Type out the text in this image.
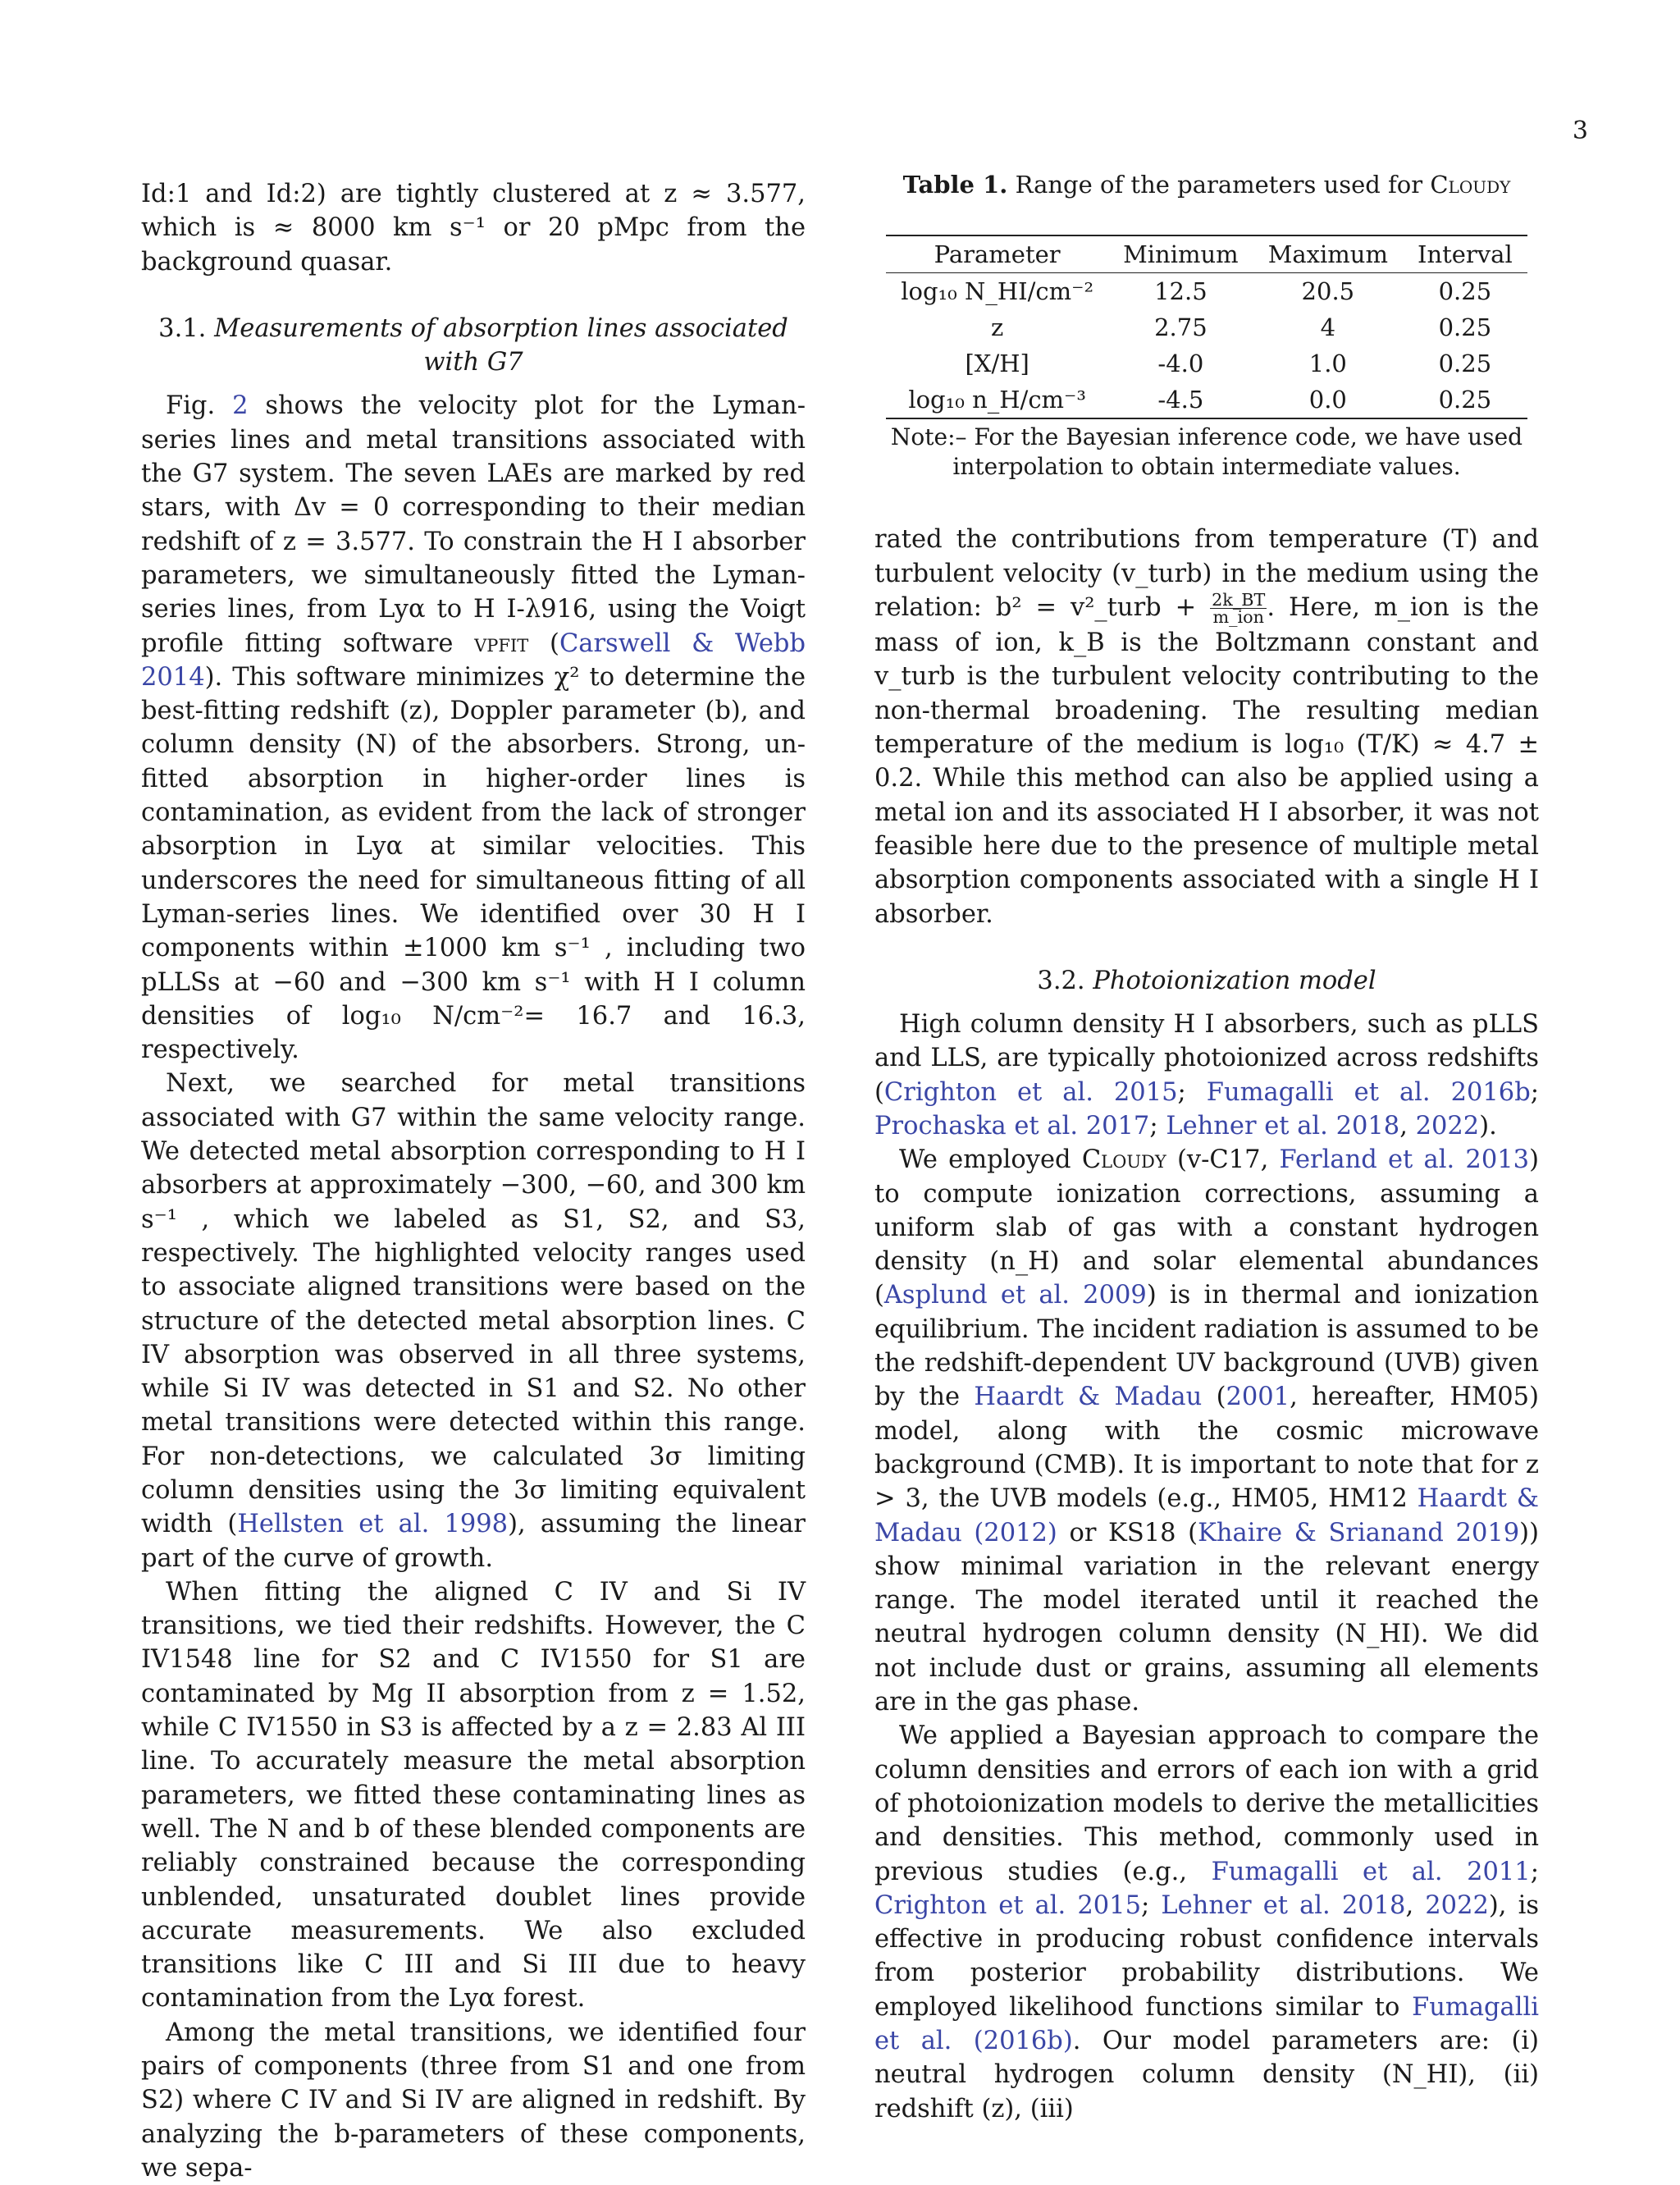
3

Id:1 and Id:2) are tightly clustered at z ≈ 3.577, which is ≈ 8000 km s⁻¹ or 20 pMpc from the background quasar.

3.1. Measurements of absorption lines associated with G7

Fig. 2 shows the velocity plot for the Lyman-series lines and metal transitions associated with the G7 system. The seven LAEs are marked by red stars, with Δv = 0 corresponding to their median redshift of z = 3.577. To constrain the H I absorber parameters, we simultaneously fitted the Lyman-series lines, from Lyα to H I-λ916, using the Voigt profile fitting software vpfit (Carswell & Webb 2014). This software minimizes χ² to determine the best-fitting redshift (z), Doppler parameter (b), and column density (N) of the absorbers. Strong, un-fitted absorption in higher-order lines is contamination, as evident from the lack of stronger absorption in Lyα at similar velocities. This underscores the need for simultaneous fitting of all Lyman-series lines. We identified over 30 H I components within ±1000 km s⁻¹ , including two pLLSs at −60 and −300 km s⁻¹ with H I column densities of log₁₀ N/cm⁻²= 16.7 and 16.3, respectively.

Next, we searched for metal transitions associated with G7 within the same velocity range. We detected metal absorption corresponding to H I absorbers at approximately −300, −60, and 300 km s⁻¹ , which we labeled as S1, S2, and S3, respectively. The highlighted velocity ranges used to associate aligned transitions were based on the structure of the detected metal absorption lines. C IV absorption was observed in all three systems, while Si IV was detected in S1 and S2. No other metal transitions were detected within this range. For non-detections, we calculated 3σ limiting column densities using the 3σ limiting equivalent width (Hellsten et al. 1998), assuming the linear part of the curve of growth.

When fitting the aligned C IV and Si IV transitions, we tied their redshifts. However, the C IV1548 line for S2 and C IV1550 for S1 are contaminated by Mg II absorption from z = 1.52, while C IV1550 in S3 is affected by a z = 2.83 Al III line. To accurately measure the metal absorption parameters, we fitted these contaminating lines as well. The N and b of these blended components are reliably constrained because the corresponding unblended, unsaturated doublet lines provide accurate measurements. We also excluded transitions like C III and Si III due to heavy contamination from the Lyα forest.

Among the metal transitions, we identified four pairs of components (three from S1 and one from S2) where C IV and Si IV are aligned in redshift. By analyzing the b-parameters of these components, we sepa-

Table 1. Range of the parameters used for Cloudy
Parameter	Minimum	Maximum	Interval
log₁₀ N_HI/cm⁻²	12.5	20.5	0.25
z	2.75	4	0.25
[X/H]	-4.0	1.0	0.25
log₁₀ n_H/cm⁻³	-4.5	0.0	0.25
Note:– For the Bayesian inference code, we have used interpolation to obtain intermediate values.

rated the contributions from temperature (T) and turbulent velocity (v_turb) in the medium using the relation: b² = v²_turb + $\frac{2k\_BT}{\text{m\_ion}}$ . Here, m_ion is the mass of ion, k_B is the Boltzmann constant and v_turb is the turbulent velocity contributing to the non-thermal broadening. The resulting median temperature of the medium is log₁₀ (T/K) ≈ 4.7 ± 0.2. While this method can also be applied using a metal ion and its associated H I absorber, it was not feasible here due to the presence of multiple metal absorption components associated with a single H I absorber.

3.2. Photoionization model

High column density H I absorbers, such as pLLS and LLS, are typically photoionized across redshifts (Crighton et al. 2015; Fumagalli et al. 2016b; Prochaska et al. 2017; Lehner et al. 2018, 2022).

We employed Cloudy (v-C17, Ferland et al. 2013) to compute ionization corrections, assuming a uniform slab of gas with a constant hydrogen density (n_H) and solar elemental abundances (Asplund et al. 2009) is in thermal and ionization equilibrium. The incident radiation is assumed to be the redshift-dependent UV background (UVB) given by the Haardt & Madau (2001, hereafter, HM05) model, along with the cosmic microwave background (CMB). It is important to note that for z > 3, the UVB models (e.g., HM05, HM12 Haardt & Madau (2012) or KS18 (Khaire & Srianand 2019)) show minimal variation in the relevant energy range. The model iterated until it reached the neutral hydrogen column density (N_HI). We did not include dust or grains, assuming all elements are in the gas phase.

We applied a Bayesian approach to compare the column densities and errors of each ion with a grid of photoionization models to derive the metallicities and densities. This method, commonly used in previous studies (e.g., Fumagalli et al. 2011; Crighton et al. 2015; Lehner et al. 2018, 2022), is effective in producing robust confidence intervals from posterior probability distributions. We employed likelihood functions similar to Fumagalli et al. (2016b). Our model parameters are: (i) neutral hydrogen column density (N_HI), (ii) redshift (z), (iii)
